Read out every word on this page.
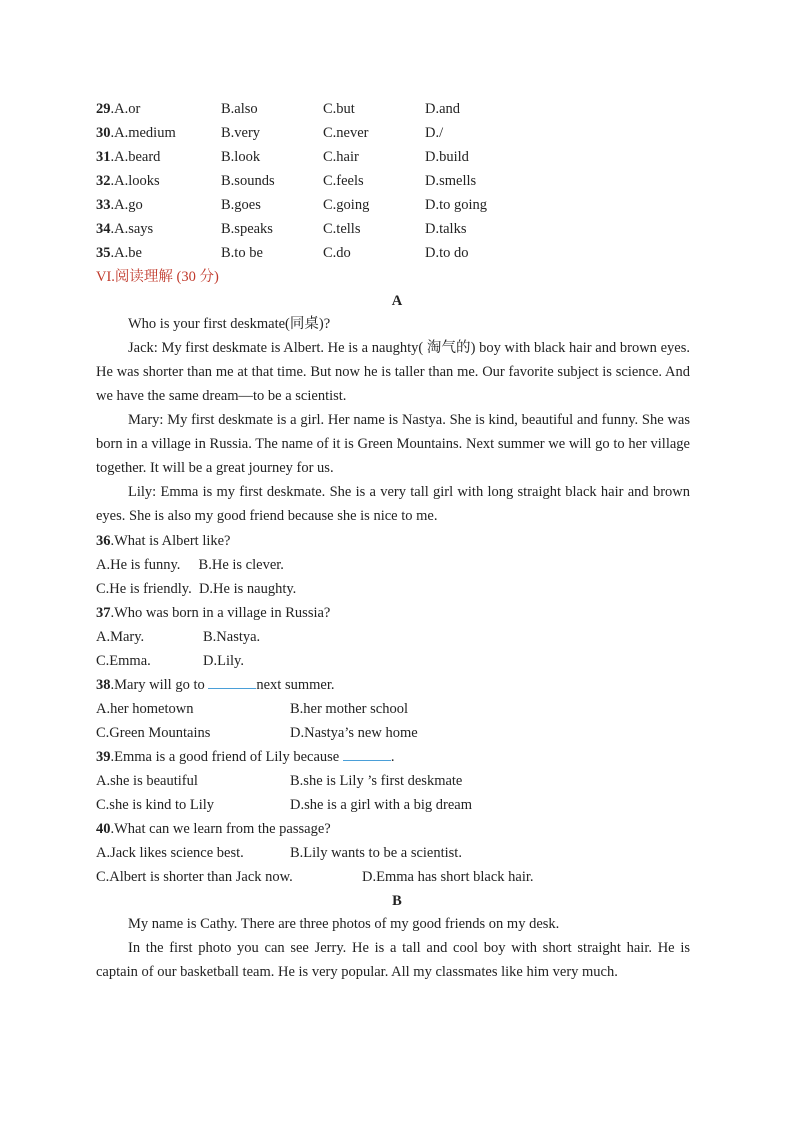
29.A.or	B.also	C.but	D.and
30.A.medium	B.very	C.never	D./
31.A.beard	B.look	C.hair	D.build
32.A.looks	B.sounds	C.feels	D.smells
33.A.go	B.goes	C.going	D.to going
34.A.says	B.speaks	C.tells	D.talks
35.A.be	B.to be	C.do	D.to do
VI.阅读理解 (30 分)
A

Who is your first deskmate(同桌)?

Jack: My first deskmate is Albert. He is a naughty( 淘气的) boy with black hair and brown eyes. He was shorter than me at that time. But now he is taller than me. Our favorite subject is science. And we have the same dream—to be a scientist.

Mary: My first deskmate is a girl. Her name is Nastya. She is kind, beautiful and funny. She was born in a village in Russia. The name of it is Green Mountains. Next summer we will go to her village together. It will be a great journey for us.

Lily: Emma is my first deskmate. She is a very tall girl with long straight black hair and brown eyes. She is also my good friend because she is nice to me.

36.What is Albert like?
A.He is funny.     B.He is clever.
C.He is friendly.  D.He is naughty.
37.Who was born in a village in Russia?
A.Mary.	B.Nastya.
C.Emma.	D.Lily.
38.Mary will go to	next summer.
A.her hometown	B.her mother school
C.Green Mountains	D.Nastya’s new home
39.Emma is a good friend of Lily because	.
A.she is beautiful	B.she is Lily ’s first deskmate
C.she is kind to Lily	D.she is a girl with a big dream
40.What can we learn from the passage?
A.Jack likes science best.	B.Lily wants to be a scientist.
C.Albert is shorter than Jack now.	D.Emma has short black hair.
B

My name is Cathy. There are three photos of my good friends on my desk.

In the first photo you can see Jerry. He is a tall and cool boy with short straight hair. He is captain of our basketball team. He is very popular. All my classmates like him very much.
